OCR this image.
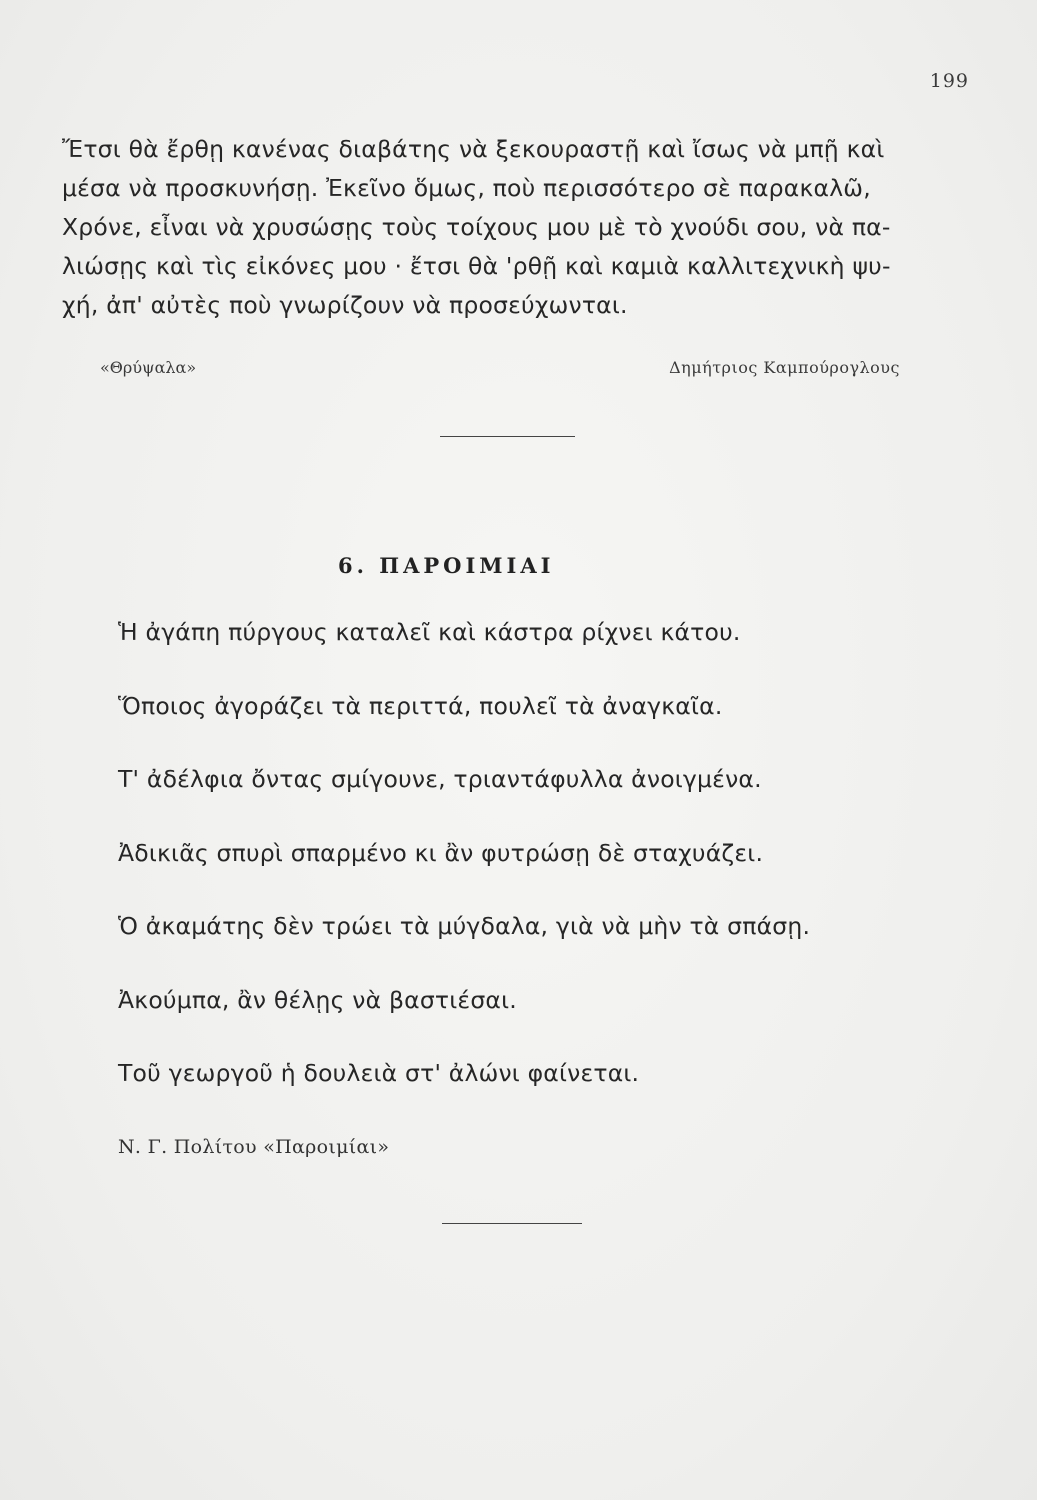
199
Ἔτσι θὰ ἔρθῃ κανένας διαβάτης νὰ ξεκουραστῇ καὶ ἴσως νὰ μπῇ καὶ
μέσα νὰ προσκυνήσῃ. Ἐκεῖνο ὅμως, ποὺ περισσότερο σὲ παρακαλῶ,
Χρόνε, εἶναι νὰ χρυσώσῃς τοὺς τοίχους μου μὲ τὸ χνούδι σου, νὰ πα-
λιώσῃς καὶ τὶς εἰκόνες μου · ἔτσι θὰ 'ρθῇ καὶ καμιὰ καλλιτεχνικὴ ψυ-
χή, ἀπ' αὐτὲς ποὺ γνωρίζουν νὰ προσεύχωνται.
«Θρύψαλα»	Δημήτριος Καμπούρογλους
6. ΠΑΡΟΙΜΙΑΙ
Ἡ ἀγάπη πύργους καταλεῖ καὶ κάστρα ρίχνει κάτου.
Ὅποιος ἀγοράζει τὰ περιττά, πουλεῖ τὰ ἀναγκαῖα.
Τ' ἀδέλφια ὄντας σμίγουνε, τριαντάφυλλα ἀνοιγμένα.
Ἀδικιᾶς σπυρὶ σπαρμένο κι ἂν φυτρώσῃ δὲ σταχυάζει.
Ὁ ἀκαμάτης δὲν τρώει τὰ μύγδαλα, γιὰ νὰ μὴν τὰ σπάσῃ.
Ἀκούμπα, ἂν θέλῃς νὰ βαστιέσαι.
Τοῦ γεωργοῦ ἡ δουλειὰ στ' ἀλώνι φαίνεται.
Ν. Γ. Πολίτου «Παροιμίαι»
